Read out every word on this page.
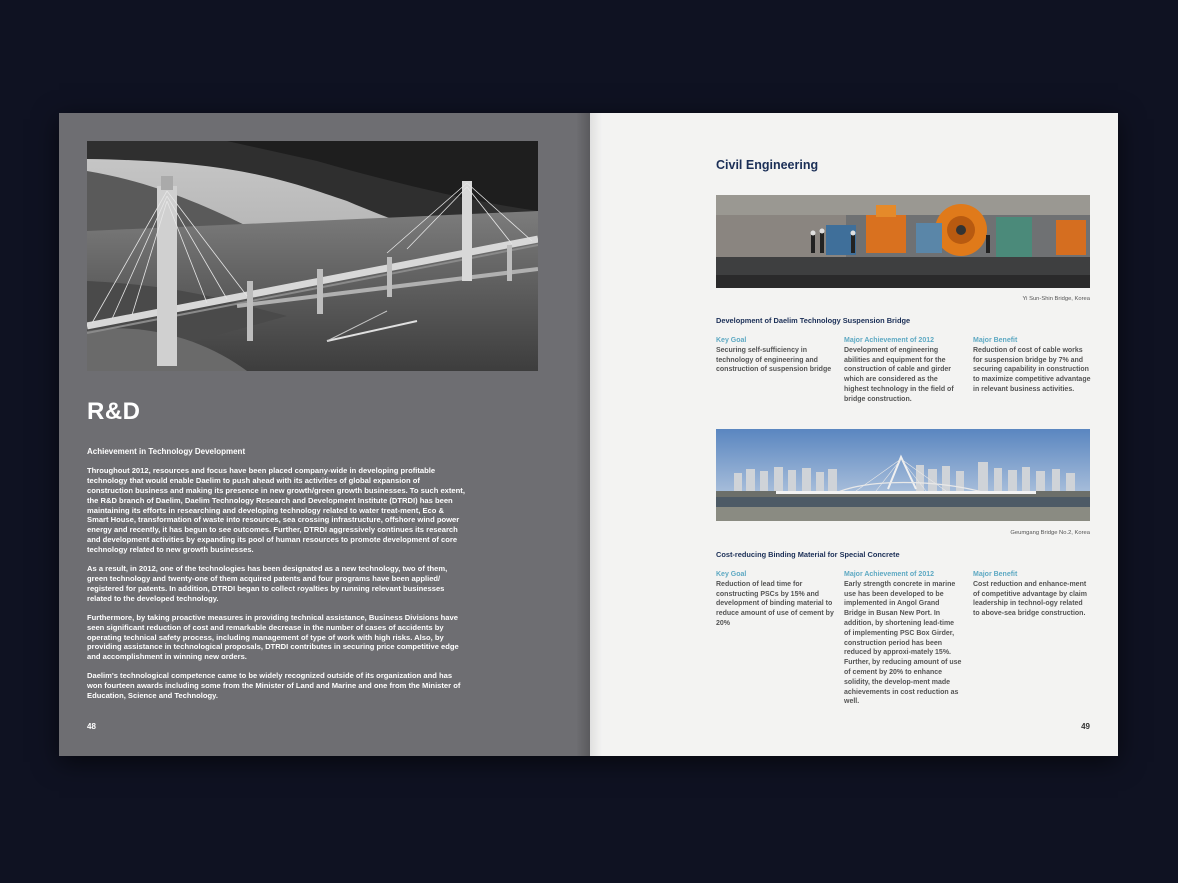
R&D

Achievement in Technology Development

Throughout 2012, resources and focus have been placed company-wide in developing profitable technology that would enable Daelim to push ahead with its activities of global expansion of construction business and making its presence in new growth/green growth businesses. To such extent, the R&D branch of Daelim, Daelim Technology Research and Development Institute (DTRDI) has been maintaining its efforts in researching and developing technology related to water treat-ment, Eco & Smart House, transformation of waste into resources, sea crossing infrastructure, offshore wind power energy and recently, it has begun to see outcomes. Further, DTRDI aggressively continues its research and development activities by expanding its pool of human resources to promote development of core technology related to new growth businesses.

As a result, in 2012, one of the technologies has been designated as a new technology, two of them, green technology and twenty-one of them acquired patents and four programs have been applied/ registered for patents. In addition, DTRDI began to collect royalties by running relevant businesses related to the developed technology.

Furthermore, by taking proactive measures in providing technical assistance, Business Divisions have seen significant reduction of cost and remarkable decrease in the number of cases of accidents by operating technical safety process, including management of type of work with high risks. Also, by providing assistance in technological proposals, DTRDI contributes in securing price competitive edge and accomplishment in winning new orders.

Daelim's technological competence came to be widely recognized outside of its organization and has won fourteen awards including some from the Minister of Land and Marine and one from the Minister of Education, Science and Technology.

48
Civil Engineering
Yi Sun-Shin Bridge, Korea
Development of Daelim Technology Suspension Bridge
Key Goal
Securing self-sufficiency in technology of engineering and construction of suspension bridge
Major Achievement of 2012
Development of engineering abilities and equipment for the construction of cable and girder which are considered as the highest technology in the field of bridge construction.
Major Benefit
Reduction of cost of cable works for suspension bridge by 7% and securing capability in construction to maximize competitive advantage in relevant business activities.
Geumgang Bridge No.2, Korea
Cost-reducing Binding Material for Special Concrete
Key Goal
Reduction of lead time for constructing PSCs by 15% and development of binding material to reduce amount of use of cement by 20%
Major Achievement of 2012
Early strength concrete in marine use has been developed to be implemented in Angol Grand Bridge in Busan New Port. In addition, by shortening lead-time of implementing PSC Box Girder, construction period has been reduced by approxi-mately 15%. Further, by reducing amount of use of cement by 20% to enhance solidity, the develop-ment made achievements in cost reduction as well.
Major Benefit
Cost reduction and enhance-ment of competitive advantage by claim leadership in technol-ogy related to above-sea bridge construction.
49
